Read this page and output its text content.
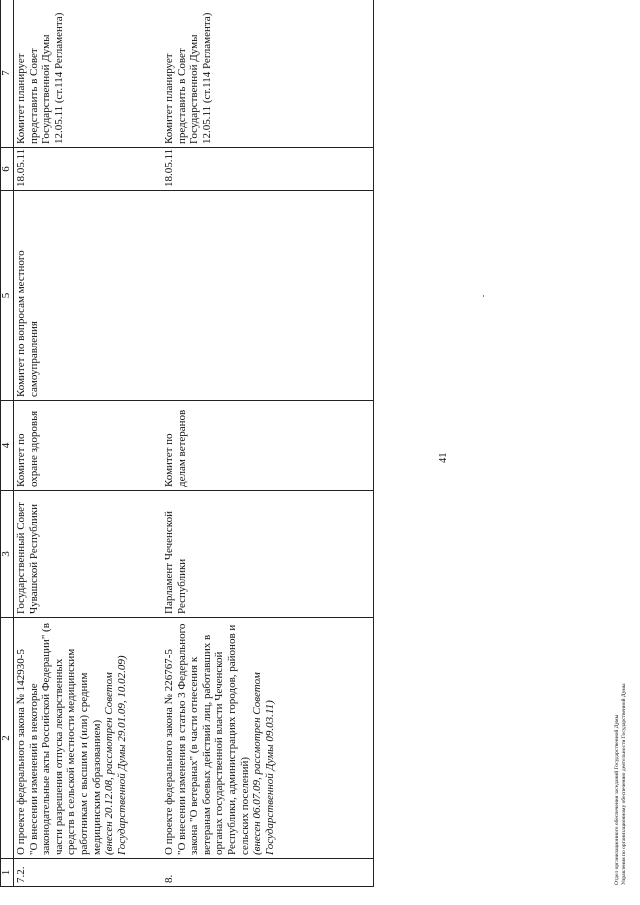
41
1	2	3	4	5	6	7
7.2.	О проекте федерального закона № 142930-5 "О внесении изменений в некоторые законодательные акты Российской Федерации" (в части разрешения отпуска лекарственных средств в сельской местности медицинским работникам с высшим и (или) средним медицинским образованием) (внесен 20.12.08, рассмотрен Советом Государственной Думы 29.01.09, 10.02.09)	Государственный Совет Чувашской Республики	Комитет по охране здоровья	Комитет по вопросам местного самоуправления	18.05.11	Комитет планирует представить в Совет Государственной Думы 12.05.11 (ст.114 Регламента)
8.	О проекте федерального закона № 226767-5 "О внесении изменения в статью 3 Федерального закона "О ветеранах" (в части отнесения к ветеранам боевых действий лиц, работавших в органах государственной власти Чеченской Республики, администрациях городов, районов и сельских поселений) (внесен 06.07.09, рассмотрен Советом Государственной Думы 09.03.11)	Парламент Чеченской Республики	Комитет по делам ветеранов		18.05.11	Комитет планирует представить в Совет Государственной Думы 12.05.11 (ст.114 Регламента)
Отдел организационного обеспечения заседаний Государственной Думы Управления по организационному обеспечению деятельности Государственной Думы
